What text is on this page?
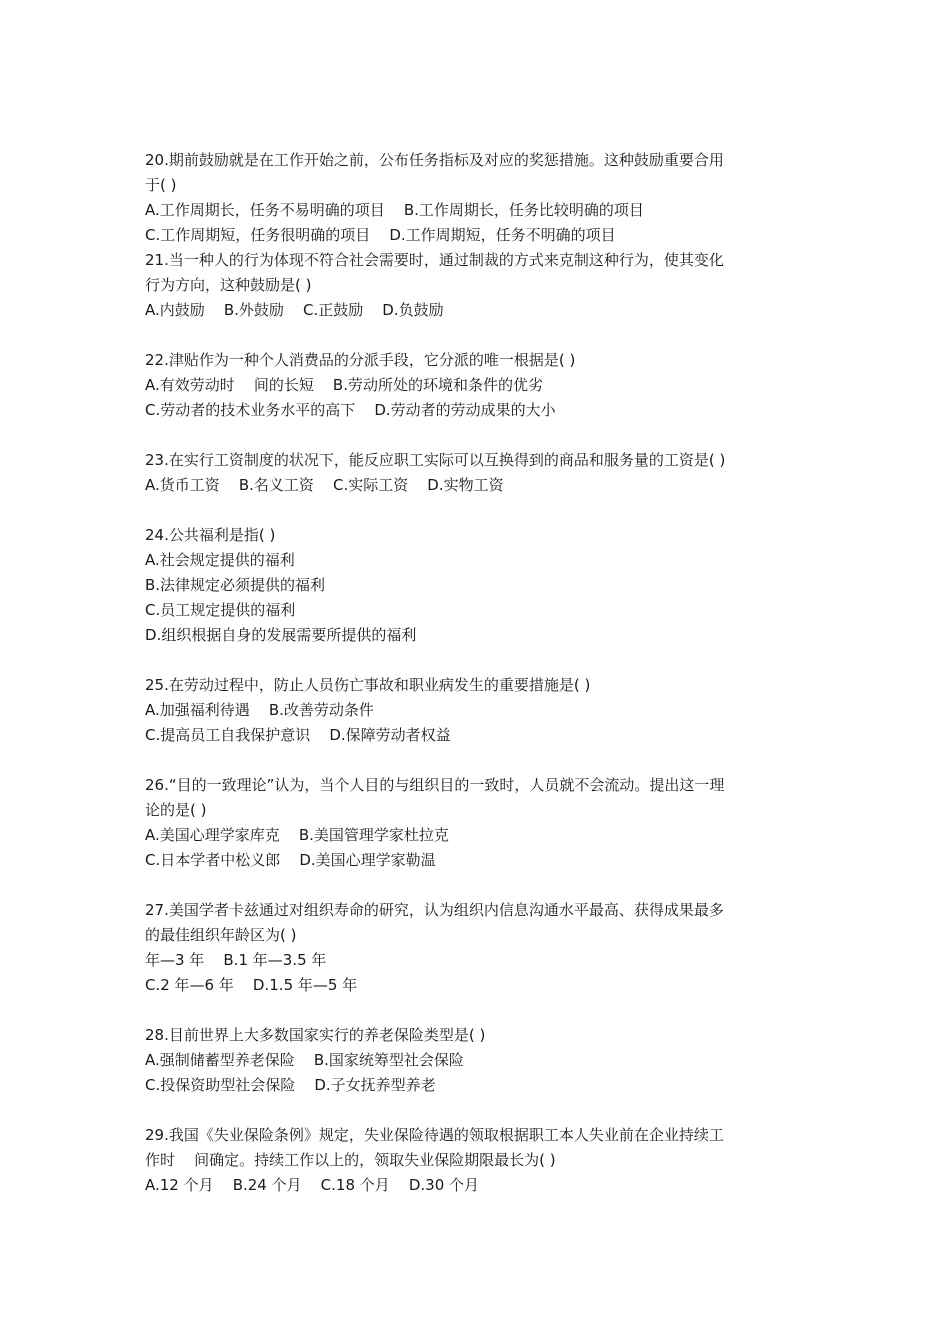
20.期前鼓励就是在工作开始之前，公布任务指标及对应的奖惩措施。这种鼓励重要合用

于( )

A.工作周期长，任务不易明确的项目    B.工作周期长，任务比较明确的项目

C.工作周期短，任务很明确的项目    D.工作周期短，任务不明确的项目

21.当一种人的行为体现不符合社会需要时，通过制裁的方式来克制这种行为，使其变化

行为方向，这种鼓励是( )

A.内鼓励    B.外鼓励    C.正鼓励    D.负鼓励

22.津贴作为一种个人消费品的分派手段，它分派的唯一根据是( )

A.有效劳动时    间的长短    B.劳动所处的环境和条件的优劣

C.劳动者的技术业务水平的高下    D.劳动者的劳动成果的大小

23.在实行工资制度的状况下，能反应职工实际可以互换得到的商品和服务量的工资是( )

A.货币工资    B.名义工资    C.实际工资    D.实物工资

24.公共福利是指( )

A.社会规定提供的福利

B.法律规定必须提供的福利

C.员工规定提供的福利

D.组织根据自身的发展需要所提供的福利

25.在劳动过程中，防止人员伤亡事故和职业病发生的重要措施是( )

A.加强福利待遇    B.改善劳动条件

C.提高员工自我保护意识    D.保障劳动者权益

26.“目的一致理论”认为，当个人目的与组织目的一致时，人员就不会流动。提出这一理

论的是( )

A.美国心理学家库克    B.美国管理学家杜拉克

C.日本学者中松义郎    D.美国心理学家勒温

27.美国学者卡兹通过对组织寿命的研究，认为组织内信息沟通水平最高、获得成果最多

的最佳组织年龄区为( )

年—3 年    B.1 年—3.5 年

C.2 年—6 年    D.1.5 年—5 年

28.目前世界上大多数国家实行的养老保险类型是( )

A.强制储蓄型养老保险    B.国家统筹型社会保险

C.投保资助型社会保险    D.子女抚养型养老

29.我国《失业保险条例》规定，失业保险待遇的领取根据职工本人失业前在企业持续工

作时    间确定。持续工作以上的，领取失业保险期限最长为( )

A.12 个月    B.24 个月    C.18 个月    D.30 个月
